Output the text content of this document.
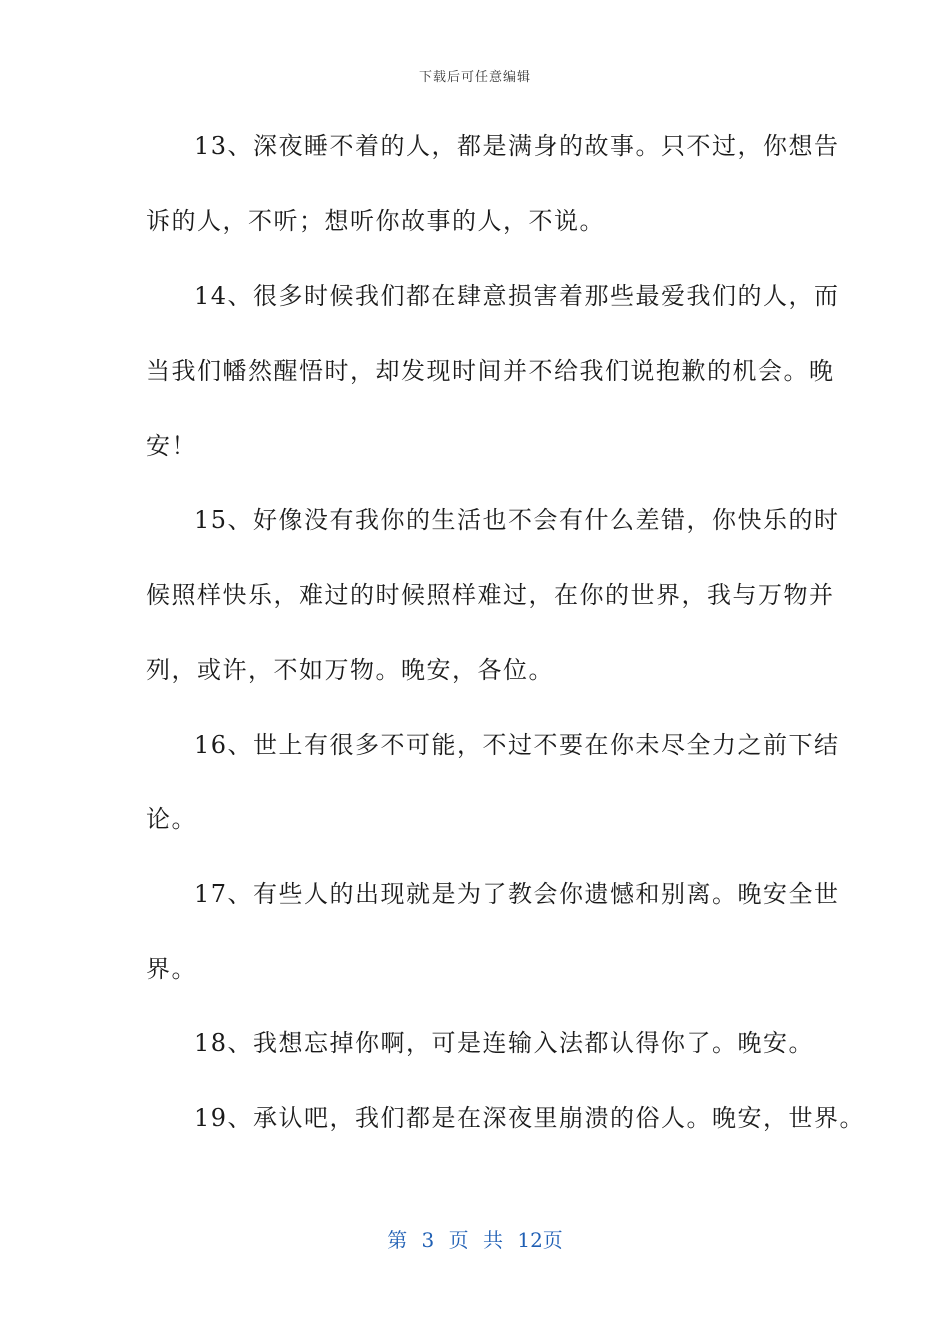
下载后可任意编辑
13、深夜睡不着的人，都是满身的故事。只不过，你想告
诉的人，不听；想听你故事的人，不说。
14、很多时候我们都在肆意损害着那些最爱我们的人，而
当我们幡然醒悟时，却发现时间并不给我们说抱歉的机会。晚
安！
15、好像没有我你的生活也不会有什么差错，你快乐的时
候照样快乐，难过的时候照样难过，在你的世界，我与万物并
列，或许，不如万物。晚安，各位。
16、世上有很多不可能，不过不要在你未尽全力之前下结
论。
17、有些人的出现就是为了教会你遗憾和别离。晚安全世
界。
18、我想忘掉你啊，可是连输入法都认得你了。晚安。
19、承认吧，我们都是在深夜里崩溃的俗人。晚安，世界。
第 3 页 共 12页
